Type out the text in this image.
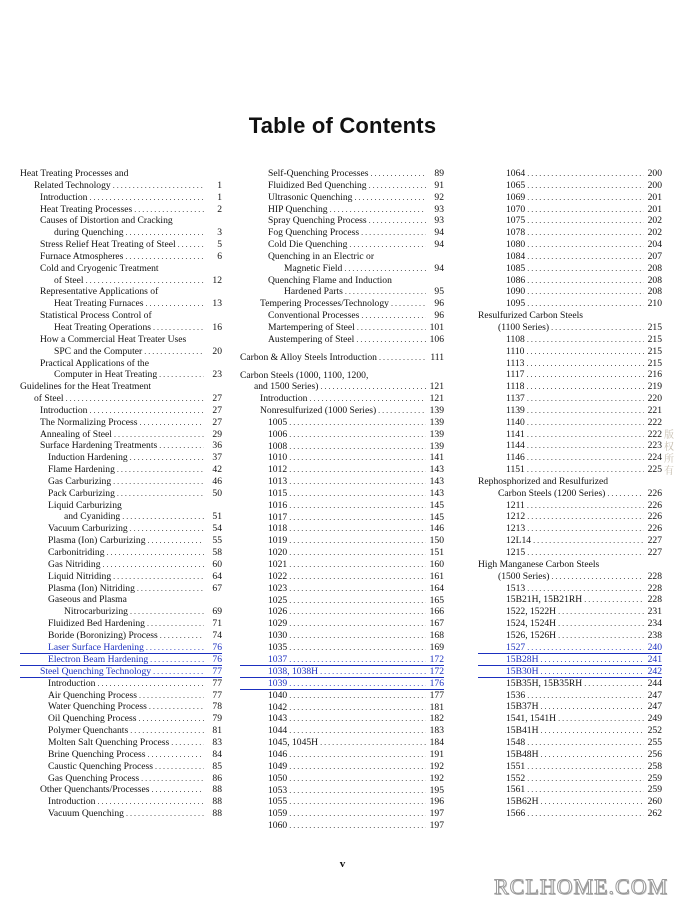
Table of Contents
Heat Treating Processes and
Related Technology . . .	1
Introduction . . .	1
Heat Treating Processes . . .	2
Causes of Distortion and Cracking
during Quenching . . .	3
Stress Relief Heat Treating of Steel . . .	5
Furnace Atmospheres . . .	6
Cold and Cryogenic Treatment
of Steel . . .	12
Representative Applications of
Heat Treating Furnaces . . .	13
Statistical Process Control of
Heat Treating Operations . . .	16
How a Commercial Heat Treater Uses
SPC and the Computer . . .	20
Practical Applications of the
Computer in Heat Treating . . .	23
Guidelines for the Heat Treatment
of Steel . . .	27
Introduction . . .	27
The Normalizing Process . . .	27
Annealing of Steel . . .	29
Surface Hardening Treatments . . .	36
Induction Hardening . . .	37
Flame Hardening . . .	42
Gas Carburizing . . .	46
Pack Carburizing . . .	50
Liquid Carburizing
and Cyaniding . . .	51
Vacuum Carburizing . . .	54
Plasma (Ion) Carburizing . . .	55
Carbonitriding . . .	58
Gas Nitriding . . .	60
Liquid Nitriding . . .	64
Plasma (Ion) Nitriding . . .	67
Gaseous and Plasma
Nitrocarburizing . . .	69
Fluidized Bed Hardening . . .	71
Boride (Boronizing) Process . . .	74
Laser Surface Hardening . . .	76
Electron Beam Hardening . . .	76
Steel Quenching Technology . . .	77
Introduction . . .	77
Air Quenching Process . . .	77
Water Quenching Process . . .	78
Oil Quenching Process . . .	79
Polymer Quenchants . . .	81
Molten Salt Quenching Process . . .	83
Brine Quenching Process . . .	84
Caustic Quenching Process . . .	85
Gas Quenching Process . . .	86
Other Quenchants/Processes . . .	88
Introduction . . .	88
Vacuum Quenching . . .	88
Self-Quenching Processes . . .	89
Fluidized Bed Quenching . . .	91
Ultrasonic Quenching . . .	92
HIP Quenching . . .	93
Spray Quenching Process . . .	93
Fog Quenching Process . . .	94
Cold Die Quenching . . .	94
Quenching in an Electric or
Magnetic Field . . .	94
Quenching Flame and Induction
Hardened Parts . . .	95
Tempering Processes/Technology . . .	96
Conventional Processes . . .	96
Martempering of Steel . . .	101
Austempering of Steel . . .	106
Carbon & Alloy Steels Introduction . . .	111
Carbon Steels (1000, 1100, 1200,
and 1500 Series) . . .	121
Introduction . . .	121
Nonresulfurized (1000 Series) . . .	139
1005 . . .	139
1006 . . .	139
1008 . . .	139
1010 . . .	141
1012 . . .	143
1013 . . .	143
1015 . . .	143
1016 . . .	145
1017 . . .	145
1018 . . .	146
1019 . . .	150
1020 . . .	151
1021 . . .	160
1022 . . .	161
1023 . . .	164
1025 . . .	165
1026 . . .	166
1029 . . .	167
1030 . . .	168
1035 . . .	169
1037 . . .	172
1038, 1038H . . .	172
1039 . . .	176
1040 . . .	177
1042 . . .	181
1043 . . .	182
1044 . . .	183
1045, 1045H . . .	184
1046 . . .	191
1049 . . .	192
1050 . . .	192
1053 . . .	195
1055 . . .	196
1059 . . .	197
1060 . . .	197
1064 . . .	200
1065 . . .	200
1069 . . .	201
1070 . . .	201
1075 . . .	202
1078 . . .	202
1080 . . .	204
1084 . . .	207
1085 . . .	208
1086 . . .	208
1090 . . .	208
1095 . . .	210
Resulfurized Carbon Steels
(1100 Series) . . .	215
1108 . . .	215
1110 . . .	215
1113 . . .	215
1117 . . .	216
1118 . . .	219
1137 . . .	220
1139 . . .	221
1140 . . .	222
1141 . . .	222
1144 . . .	223
1146 . . .	224
1151 . . .	225
Rephosphorized and Resulfurized
Carbon Steels (1200 Series) . . .	226
1211 . . .	226
1212 . . .	226
1213 . . .	226
12L14 . . .	227
1215 . . .	227
High Manganese Carbon Steels
(1500 Series) . . .	228
1513 . . .	228
15B21H, 15B21RH . . .	228
1522, 1522H . . .	231
1524, 1524H . . .	234
1526, 1526H . . .	238
1527 . . .	240
15B28H . . .	241
15B30H . . .	242
15B35H, 15B35RH . . .	244
1536 . . .	247
15B37H . . .	247
1541, 1541H . . .	249
15B41H . . .	252
1548 . . .	255
15B48H . . .	256
1551 . . .	258
1552 . . .	259
1561 . . .	259
15B62H . . .	260
1566 . . .	262
v
RCLHOME.COM
版权所有
